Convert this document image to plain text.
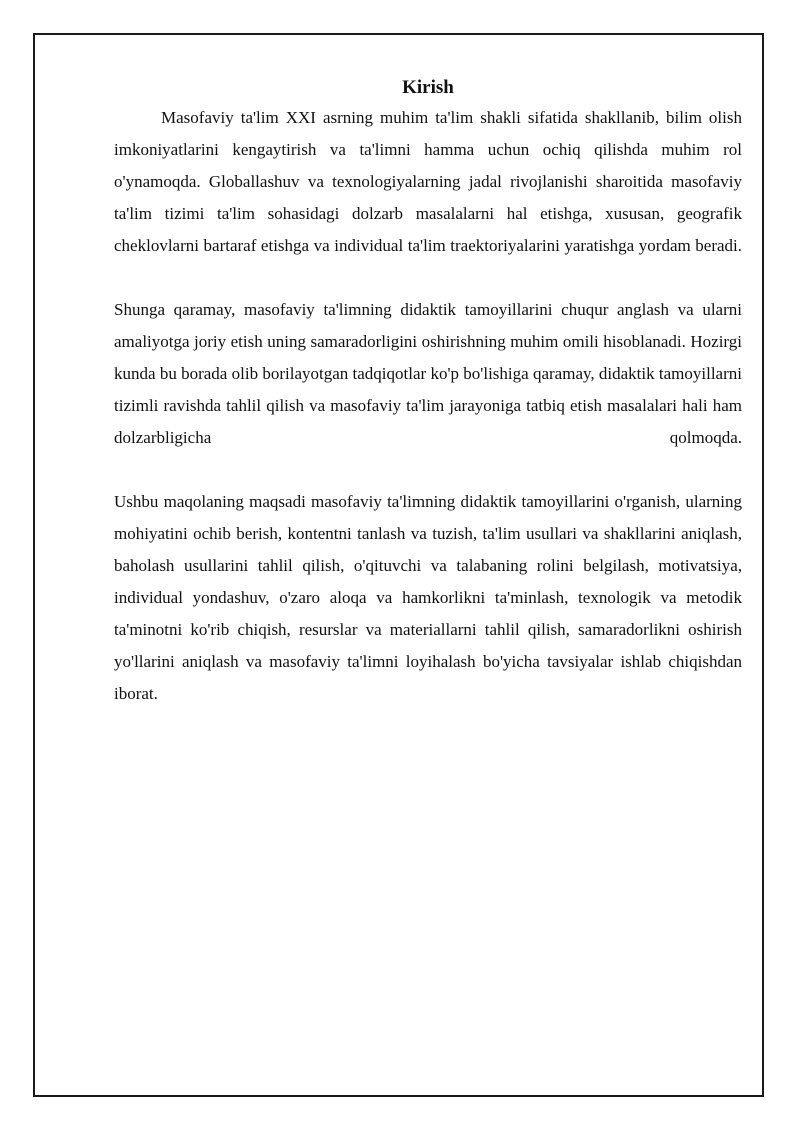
Kirish

Masofaviy ta'lim XXI asrning muhim ta'lim shakli sifatida shakllanib, bilim olish imkoniyatlarini kengaytirish va ta'limni hamma uchun ochiq qilishda muhim rol o'ynamoqda. Globallashuv va texnologiyalarning jadal rivojlanishi sharoitida masofaviy ta'lim tizimi ta'lim sohasidagi dolzarb masalalarni hal etishga, xususan, geografik cheklovlarni bartaraf etishga va individual ta'lim traektoriyalarini yaratishga yordam beradi.

Shunga qaramay, masofaviy ta'limning didaktik tamoyillarini chuqur anglash va ularni amaliyotga joriy etish uning samaradorligini oshirishning muhim omili hisoblanadi. Hozirgi kunda bu borada olib borilayotgan tadqiqotlar ko'p bo'lishiga qaramay, didaktik tamoyillarni tizimli ravishda tahlil qilish va masofaviy ta'lim jarayoniga tatbiq etish masalalari hali ham dolzarbligicha qolmoqda.

Ushbu maqolaning maqsadi masofaviy ta'limning didaktik tamoyillarini o'rganish, ularning mohiyatini ochib berish, kontentni tanlash va tuzish, ta'lim usullari va shakllarini aniqlash, baholash usullarini tahlil qilish, o'qituvchi va talabaning rolini belgilash, motivatsiya, individual yondashuv, o'zaro aloqa va hamkorlikni ta'minlash, texnologik va metodik ta'minotni ko'rib chiqish, resurslar va materiallarni tahlil qilish, samaradorlikni oshirish yo'llarini aniqlash va masofaviy ta'limni loyihalash bo'yicha tavsiyalar ishlab chiqishdan iborat.
